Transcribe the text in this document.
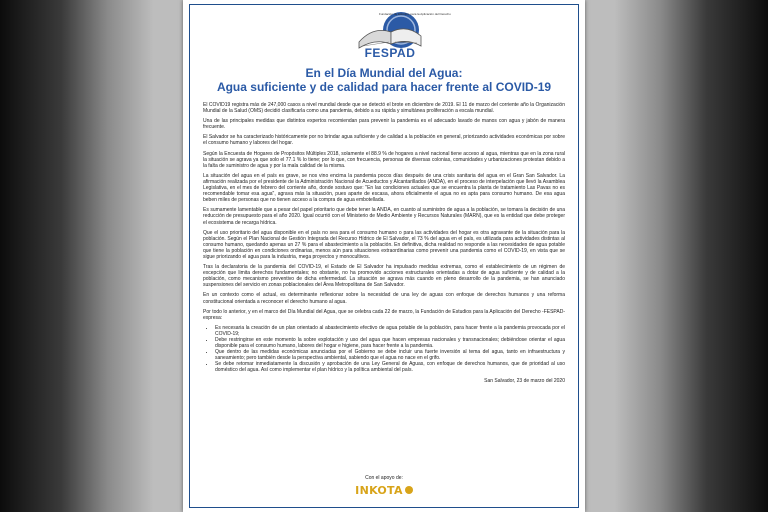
Fundación de Estudios para la Aplicación del Derecho
FESPAD
En el Día Mundial del Agua:
Agua suficiente y de calidad para hacer frente al COVID-19

El COVID19 registra más de 247,000 casos a nivel mundial desde que se detectó el brote en diciembre de 2019. El 11 de marzo del corriente año la Organización Mundial de la Salud (OMS) decidió clasificarla como una pandemia, debido a su rápida y simultánea proliferación a escala mundial.

Una de las principales medidas que distintos expertos recomiendan para prevenir la pandemia es el adecuado lavado de manos con agua y jabón de manera frecuente.

El Salvador se ha caracterizado históricamente por no brindar agua suficiente y de calidad a la población en general, priorizando actividades económicas por sobre el consumo humano y labores del hogar.

Según la Encuesta de Hogares de Propósitos Múltiples 2018, solamente el 88.9 % de hogares a nivel nacional tiene acceso al agua, mientras que en la zona rural la situación se agrava ya que solo el 77.1 % lo tiene; por lo que, con frecuencia, personas de diversas colonias, comunidades y urbanizaciones protestan debido a la falta de suministro de agua y por la mala calidad de la misma.

La situación del agua en el país es grave, se nos vino encima la pandemia pocos días después de una crisis sanitaria del agua en el Gran San Salvador. La afirmación realizada por el presidente de la Administración Nacional de Acueductos y Alcantarillados (ANDA), en el proceso de interpelación que llevó la Asamblea Legislativa, en el mes de febrero del corriente año, donde sostuvo que: "En las condiciones actuales que se encuentra la planta de tratamiento Las Pavas no es recomendable tomar esa agua", agrava más la situación, pues aparte de escasa, ahora oficialmente el agua no es apta para consumo humano. De esa agua beben miles de personas que no tienen acceso a la compra de agua embotellada.

Es sumamente lamentable que a pesar del papel prioritario que debe tener la ANDA, en cuanto al suministro de agua a la población, se tomara la decisión de una reducción de presupuesto para el año 2020. Igual ocurrió con el Ministerio de Medio Ambiente y Recursos Naturales (MARN), que es la entidad que debe proteger el ecosistema de recarga hídrica.

Que el uso prioritario del agua disponible en el país no sea para el consumo humano o para las actividades del hogar es otra agravante de la situación para la población. Según el Plan Nacional de Gestión Integrada del Recurso Hídrico de El Salvador, el 73 % del agua en el país, es utilizada para actividades distintas al consumo humano, quedando apenas un 27 % para el abastecimiento a la población. En definitiva, dicha realidad no responde a las necesidades de agua potable que tiene la población en condiciones ordinarias, menos aún para situaciones extraordinarias como prevenir una pandemia como el COVID-19, en vista que se sigue priorizando el agua para la industria, mega proyectos y monocultivos.

Tras la declaratoria de la pandemia del COVID-19, el Estado de El Salvador ha impulsado medidas extremas, como el establecimiento de un régimen de excepción que limita derechos fundamentales; no obstante, no ha promovido acciones estructurales orientadas a dotar de agua suficiente y de calidad a la población, como mecanismo preventivo de dicha enfermedad. La situación se agrava más cuando en pleno desarrollo de la pandemia, se han anunciado suspensiones del servicio en zonas poblacionales del Área Metropolitana de San Salvador.

En un contexto como el actual, es determinante reflexionar sobre la necesidad de una ley de aguas con enfoque de derechos humanos y una reforma constitucional orientada a reconocer el derecho humano al agua.

Por todo lo anterior, y en el marco del Día Mundial del Agua, que se celebra cada 22 de marzo, la Fundación de Estudios para la Aplicación del Derecho -FESPAD- expresa:

• Es necesaria la creación de un plan orientado al abastecimiento efectivo de agua potable de la población, para hacer frente a la pandemia provocada por el COVID-19;
• Debe restringirse en este momento la sobre explotación y uso del agua que hacen empresas nacionales y transnacionales; debiéndose orientar el agua disponible para el consumo humano, labores del hogar e higiene, para hacer frente a la pandemia.
• Que dentro de las medidas económicas anunciadas por el Gobierno se debe incluir una fuerte inversión al tema del agua, tanto en infraestructura y saneamiento; pero también desde la perspectiva ambiental, sabiendo que el agua no nace en el grifo.
• Se debe retomar inmediatamente la discusión y aprobación de una Ley General de Aguas, con enfoque de derechos humanos, que de prioridad al uso doméstico del agua. Así como implementar el plan hídrico y la política ambiental del país.
San Salvador, 23 de marzo del 2020
Con el apoyo de:
INKOTA
